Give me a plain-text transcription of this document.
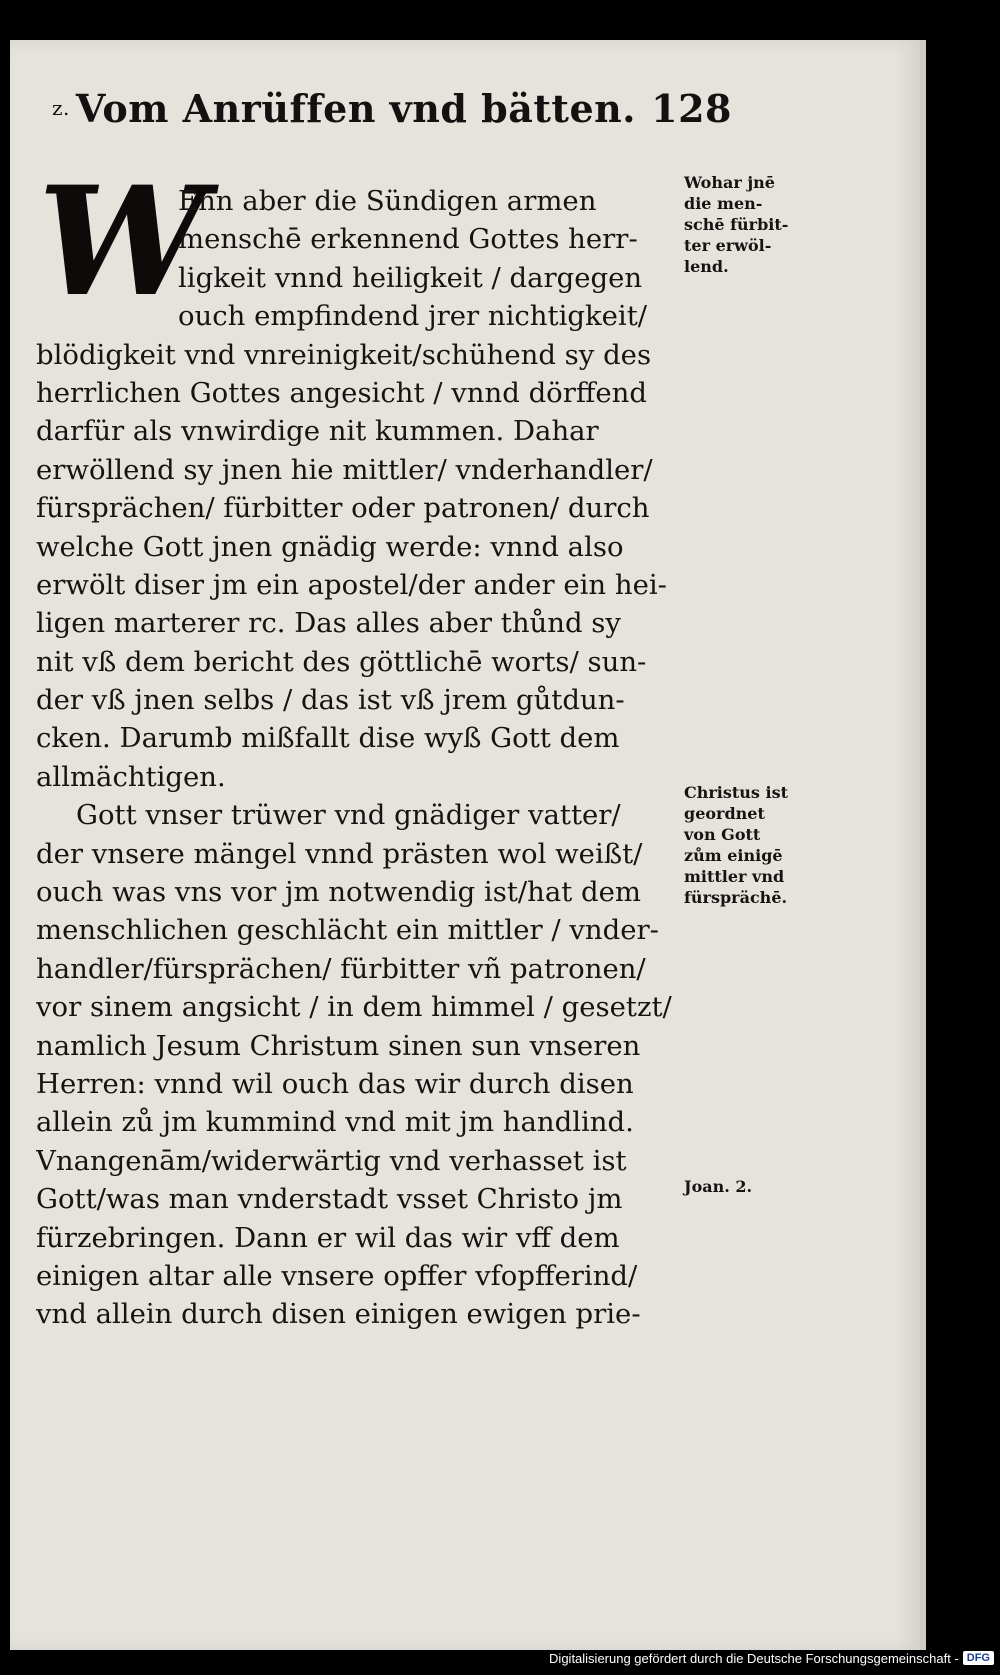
z. Vom Anrüffen vnd bätten. 128
W
Enn aber die Sündigen armen
menschē erkennend Gottes herr-
ligkeit vnnd heiligkeit / dargegen
ouch empfindend jrer nichtigkeit/
blödigkeit vnd vnreinigkeit/schühend sy des
herrlichen Gottes angesicht / vnnd dörffend
darfür als vnwirdige nit kummen. Dahar
erwöllend sy jnen hie mittler/ vnderhandler/
fürsprächen/ fürbitter oder patronen/ durch
welche Gott jnen gnädig werde: vnnd also
erwölt diser jm ein apostel/der ander ein hei-
ligen marterer rc. Das alles aber thůnd sy
nit vß dem bericht des göttlichē worts/ sun-
der vß jnen selbs / das ist vß jrem gůtdun-
cken. Darumb mißfallt dise wyß Gott dem
allmächtigen.
Gott vnser trüwer vnd gnädiger vatter/
der vnsere mängel vnnd prästen wol weißt/
ouch was vns vor jm notwendig ist/hat dem
menschlichen geschlächt ein mittler / vnder-
handler/fürsprächen/ fürbitter vñ patronen/
vor sinem angsicht / in dem himmel / gesetzt/
namlich Jesum Christum sinen sun vnseren
Herren: vnnd wil ouch das wir durch disen
allein zů jm kummind vnd mit jm handlind.
Vnangenām/widerwärtig vnd verhasset ist
Gott/was man vnderstadt vsset Christo jm
fürzebringen. Dann er wil das wir vff dem
einigen altar alle vnsere opffer vfopfferind/
vnd allein durch disen einigen ewigen prie-
Wohar jnē
die men-
schē fürbit-
ter erwöl-
lend.
Christus ist
geordnet
von Gott
zům einigē
mittler vnd
fürsprächē.
Joan. 2.
Digitalisierung gefördert durch die Deutsche Forschungsgemeinschaft - DFG
